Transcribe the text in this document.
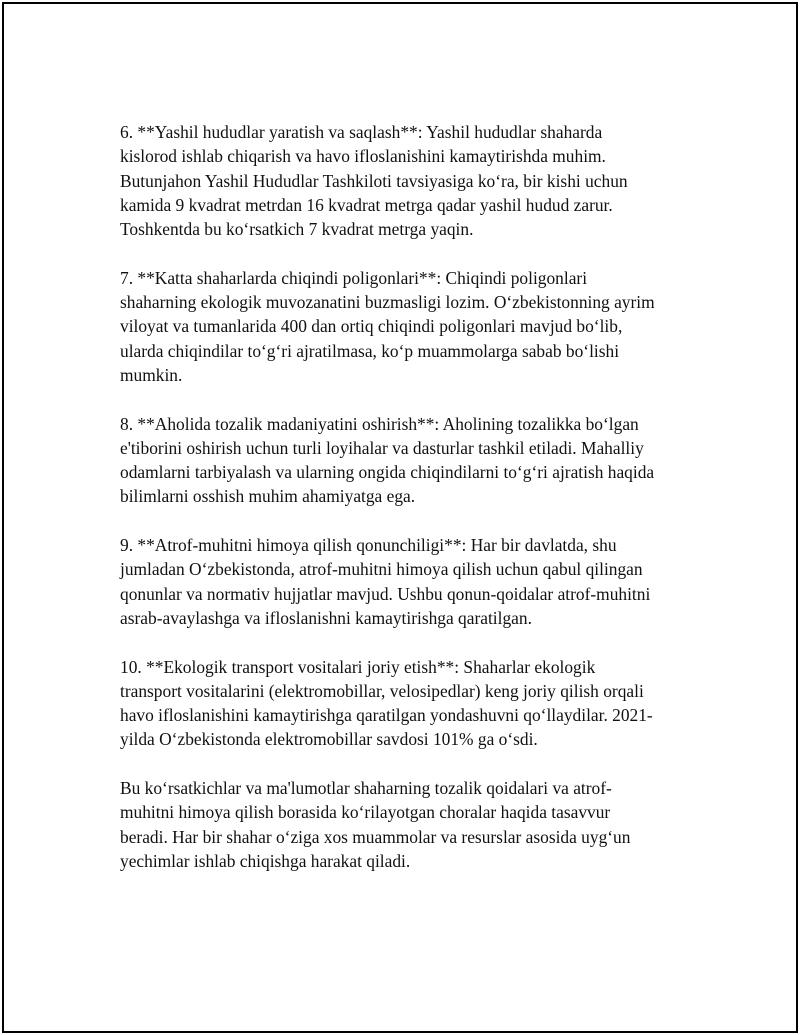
6. **Yashil hududlar yaratish va saqlash**: Yashil hududlar shaharda
kislorod ishlab chiqarish va havo ifloslanishini kamaytirishda muhim.
Butunjahon Yashil Hududlar Tashkiloti tavsiyasiga ko‘ra, bir kishi uchun
kamida 9 kvadrat metrdan 16 kvadrat metrga qadar yashil hudud zarur.
Toshkentda bu ko‘rsatkich 7 kvadrat metrga yaqin.

7. **Katta shaharlarda chiqindi poligonlari**: Chiqindi poligonlari
shaharning ekologik muvozanatini buzmasligi lozim. O‘zbekistonning ayrim
viloyat va tumanlarida 400 dan ortiq chiqindi poligonlari mavjud bo‘lib,
ularda chiqindilar to‘g‘ri ajratilmasa, ko‘p muammolarga sabab bo‘lishi
mumkin.

8. **Aholida tozalik madaniyatini oshirish**: Aholining tozalikka bo‘lgan
e'tiborini oshirish uchun turli loyihalar va dasturlar tashkil etiladi. Mahalliy
odamlarni tarbiyalash va ularning ongida chiqindilarni to‘g‘ri ajratish haqida
bilimlarni osshish muhim ahamiyatga ega.

9. **Atrof-muhitni himoya qilish qonunchiligi**: Har bir davlatda, shu
jumladan O‘zbekistonda, atrof-muhitni himoya qilish uchun qabul qilingan
qonunlar va normativ hujjatlar mavjud. Ushbu qonun-qoidalar atrof-muhitni
asrab-avaylashga va ifloslanishni kamaytirishga qaratilgan.

10. **Ekologik transport vositalari joriy etish**: Shaharlar ekologik
transport vositalarini (elektromobillar, velosipedlar) keng joriy qilish orqali
havo ifloslanishini kamaytirishga qaratilgan yondashuvni qo‘llaydilar. 2021-
yilda O‘zbekistonda elektromobillar savdosi 101% ga o‘sdi.

Bu ko‘rsatkichlar va ma'lumotlar shaharning tozalik qoidalari va atrof-
muhitni himoya qilish borasida ko‘rilayotgan choralar haqida tasavvur
beradi. Har bir shahar o‘ziga xos muammolar va resurslar asosida uyg‘un
yechimlar ishlab chiqishga harakat qiladi.
